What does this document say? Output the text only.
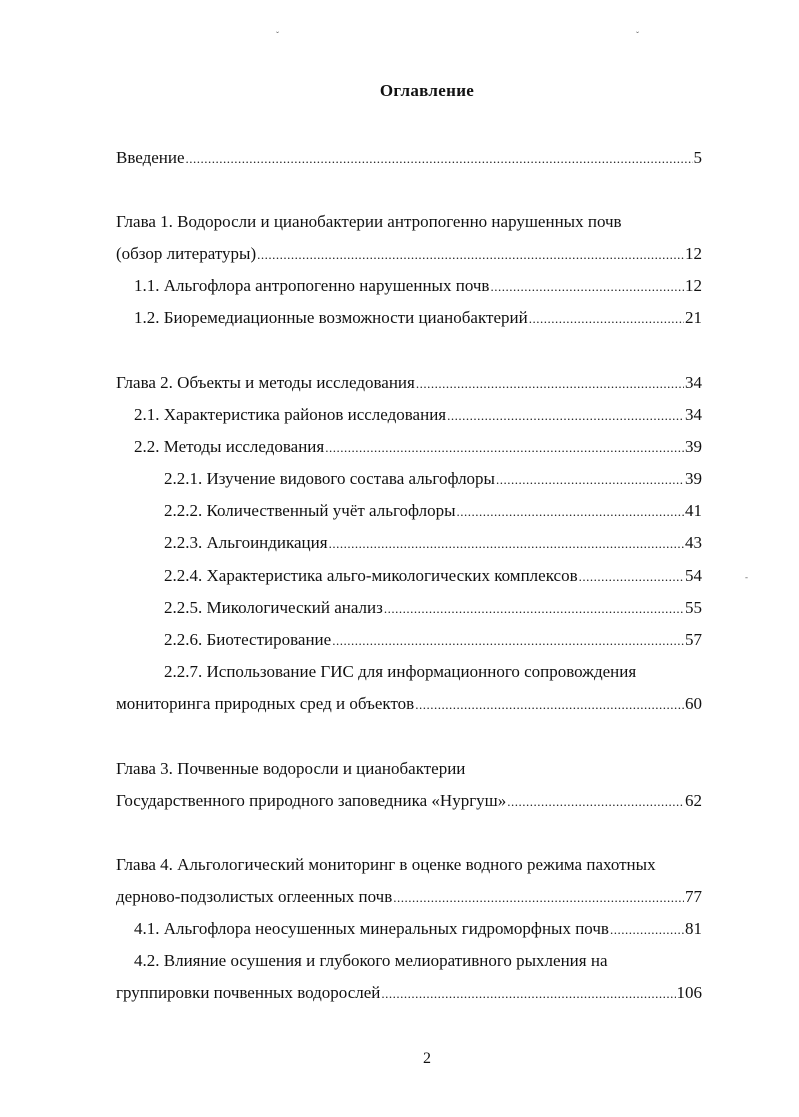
ˇ	ˇ
-
Оглавление
Введение .....	5
Глава 1. Водоросли и цианобактерии антропогенно нарушенных почв
(обзор литературы) .....	12
1.1. Альгофлора антропогенно нарушенных почв .....	12
1.2. Биоремедиационные возможности цианобактерий .....	21
Глава 2. Объекты и методы исследования .....	34
2.1. Характеристика районов исследования .....	34
2.2. Методы исследования .....	39
2.2.1. Изучение видового состава альгофлоры .....	39
2.2.2. Количественный учёт альгофлоры .....	41
2.2.3. Альгоиндикация .....	43
2.2.4. Характеристика альго-микологических комплексов .....	54
2.2.5. Микологический анализ .....	55
2.2.6. Биотестирование .....	57
2.2.7. Использование ГИС для информационного сопровождения
мониторинга природных сред и объектов .....	60
Глава 3. Почвенные водоросли и цианобактерии
Государственного природного заповедника «Нургуш» .....	62
Глава 4. Альгологический мониторинг в оценке водного режима пахотных
дерново-подзолистых оглеенных почв .....	77
4.1. Альгофлора неосушенных минеральных гидроморфных почв .....	81
4.2. Влияние осушения и глубокого мелиоративного рыхления на
группировки почвенных водорослей .....	106
2
